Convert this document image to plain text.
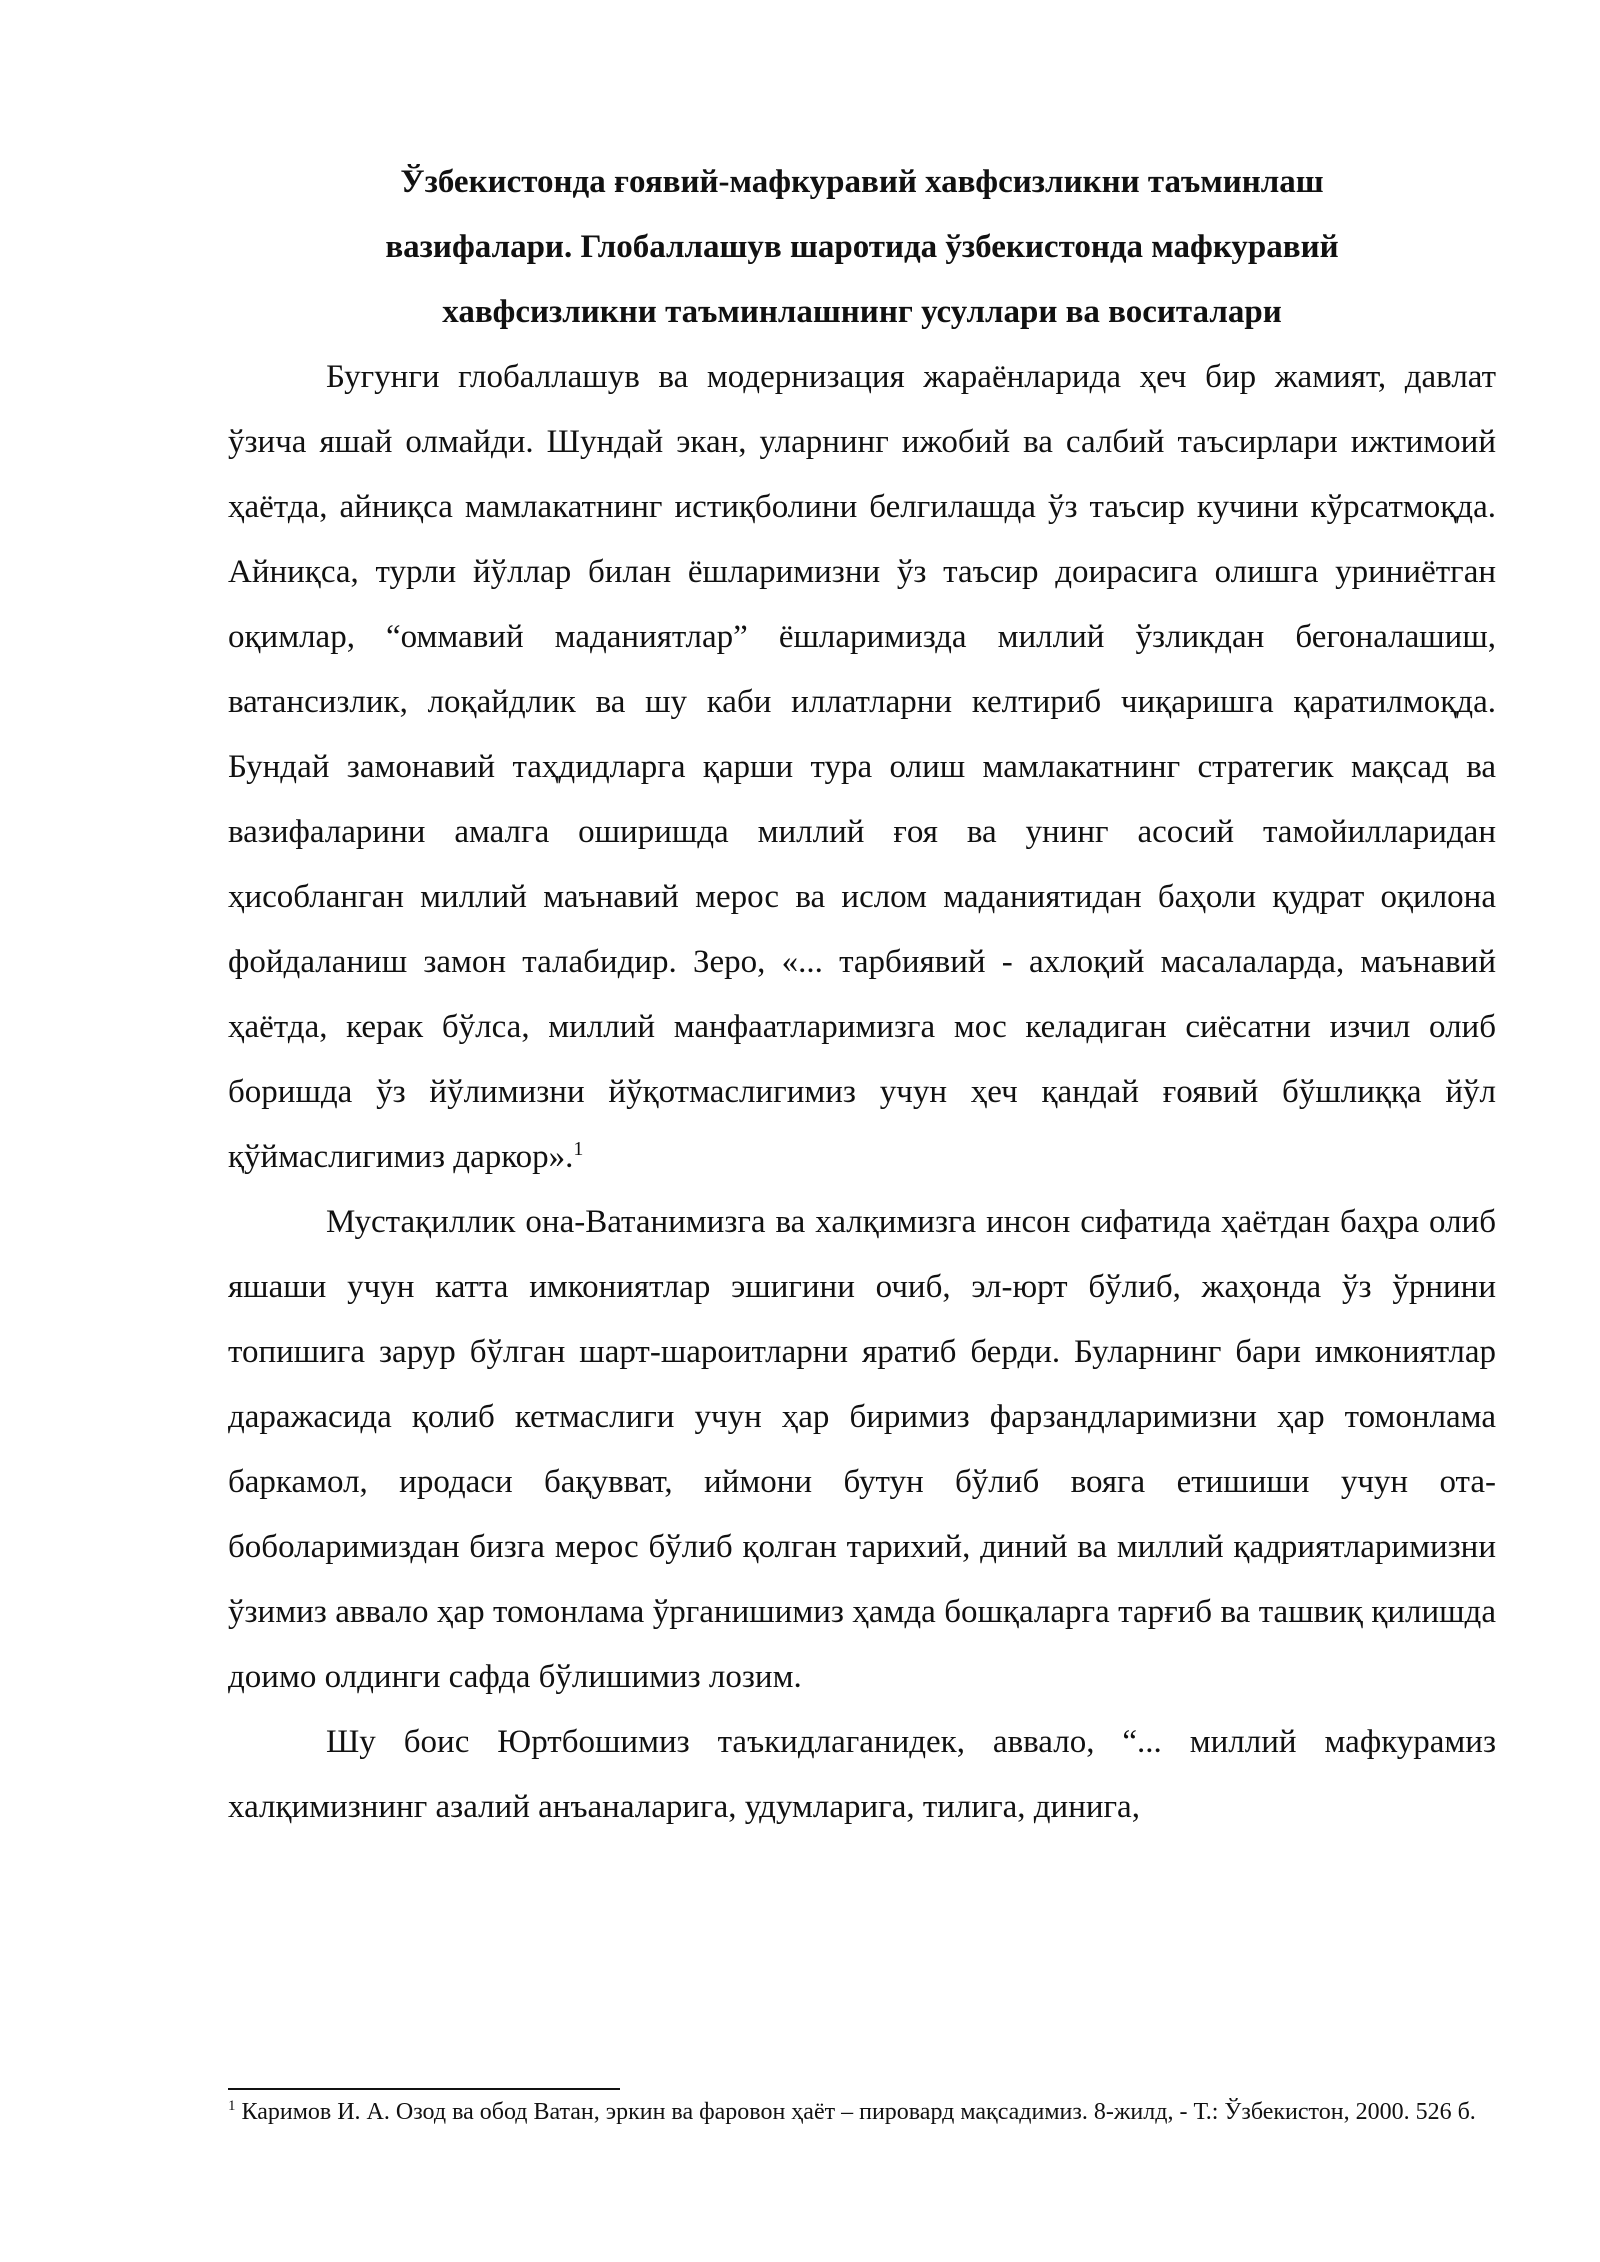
Ўзбекистонда ғоявий-мафкуравий хавфсизликни таъминлаш вазифалари. Глобаллашув шаротида ўзбекистонда мафкуравий хавфсизликни таъминлашнинг усуллари ва воситалари

Бугунги глобаллашув ва модернизация жараёнларида ҳеч бир жамият, давлат ўзича яшай олмайди. Шундай экан, уларнинг ижобий ва салбий таъсирлари ижтимоий ҳаётда, айниқса мамлакатнинг истиқболини белгилашда ўз таъсир кучини кўрсатмоқда. Айниқса, турли йўллар билан ёшларимизни ўз таъсир доирасига олишга уриниётган оқимлар, “оммавий маданиятлар” ёшларимизда миллий ўзликдан бегоналашиш, ватансизлик, лоқайдлик ва шу каби иллатларни келтириб чиқаришга қаратилмоқда. Бундай замонавий таҳдидларга қарши тура олиш мамлакатнинг стратегик мақсад ва вазифаларини амалга оширишда миллий ғоя ва унинг асосий тамойилларидан ҳисобланган миллий маънавий мерос ва ислом маданиятидан баҳоли қудрат оқилона фойдаланиш замон талабидир. Зеро, «... тарбиявий - ахлоқий масалаларда, маънавий ҳаётда, керак бўлса, миллий манфаатларимизга мос келадиган сиёсатни изчил олиб боришда ўз йўлимизни йўқотмаслигимиз учун ҳеч қандай ғоявий бўшлиққа йўл қўймаслигимиз даркор».$^1$

Мустақиллик она-Ватанимизга ва халқимизга инсон сифатида ҳаётдан баҳра олиб яшаши учун катта имкониятлар эшигини очиб, эл-юрт бўлиб, жаҳонда ўз ўрнини топишига зарур бўлган шарт-шароитларни яратиб берди. Буларнинг бари имкониятлар даражасида қолиб кетмаслиги учун ҳар биримиз фарзандларимизни ҳар томонлама баркамол, иродаси бақувват, иймони бутун бўлиб вояга етишиши учун ота-боболаримиздан бизга мерос бўлиб қолган тарихий, диний ва миллий қадриятларимизни ўзимиз аввало ҳар томонлама ўрганишимиз ҳамда бошқаларга тарғиб ва ташвиқ қилишда доимо олдинги сафда бўлишимиз лозим.

Шу боис Юртбошимиз таъкидлаганидек, аввало, “... миллий мафкурамиз халқимизнинг азалий анъаналарига, удумларига, тилига, динига,

$^1$ Каримов И. А. Озод ва обод Ватан, эркин ва фаровон ҳаёт – пировард мақсадимиз. 8-жилд, - Т.: Ўзбекистон, 2000. 526 б.
